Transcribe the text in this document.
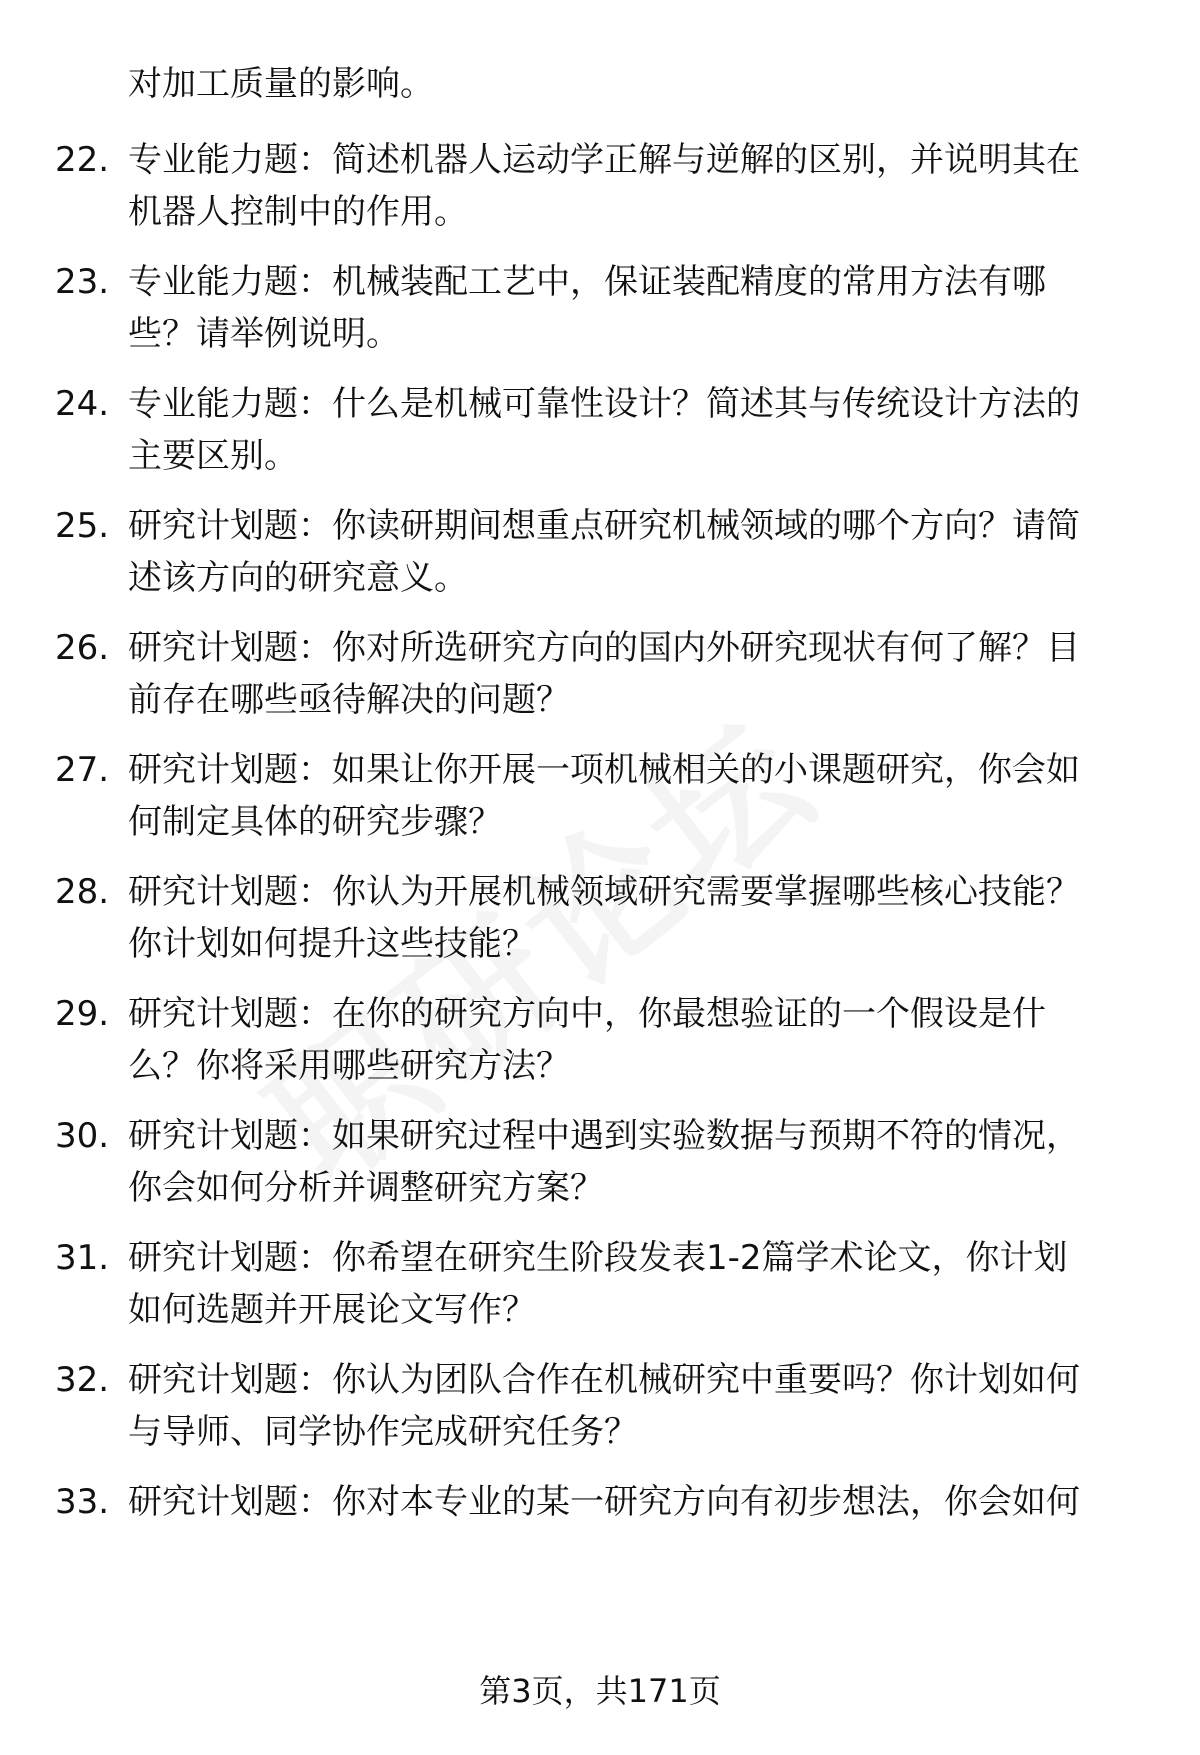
对加工质量的影响。
22. 专业能力题：简述机器人运动学正解与逆解的区别，并说明其在
机器人控制中的作用。
23. 专业能力题：机械装配工艺中，保证装配精度的常用方法有哪
些？请举例说明。
24. 专业能力题：什么是机械可靠性设计？简述其与传统设计方法的
主要区别。
25. 研究计划题：你读研期间想重点研究机械领域的哪个方向？请简
述该方向的研究意义。
26. 研究计划题：你对所选研究方向的国内外研究现状有何了解？目
前存在哪些亟待解决的问题？
27. 研究计划题：如果让你开展一项机械相关的小课题研究，你会如
何制定具体的研究步骤？
28. 研究计划题：你认为开展机械领域研究需要掌握哪些核心技能？
你计划如何提升这些技能？
29. 研究计划题：在你的研究方向中，你最想验证的一个假设是什
么？你将采用哪些研究方法？
30. 研究计划题：如果研究过程中遇到实验数据与预期不符的情况，
你会如何分析并调整研究方案？
31. 研究计划题：你希望在研究生阶段发表1-2篇学术论文，你计划
如何选题并开展论文写作？
32. 研究计划题：你认为团队合作在机械研究中重要吗？你计划如何
与导师、同学协作完成研究任务？
33. 研究计划题：你对本专业的某一研究方向有初步想法，你会如何
第3页，共171页
